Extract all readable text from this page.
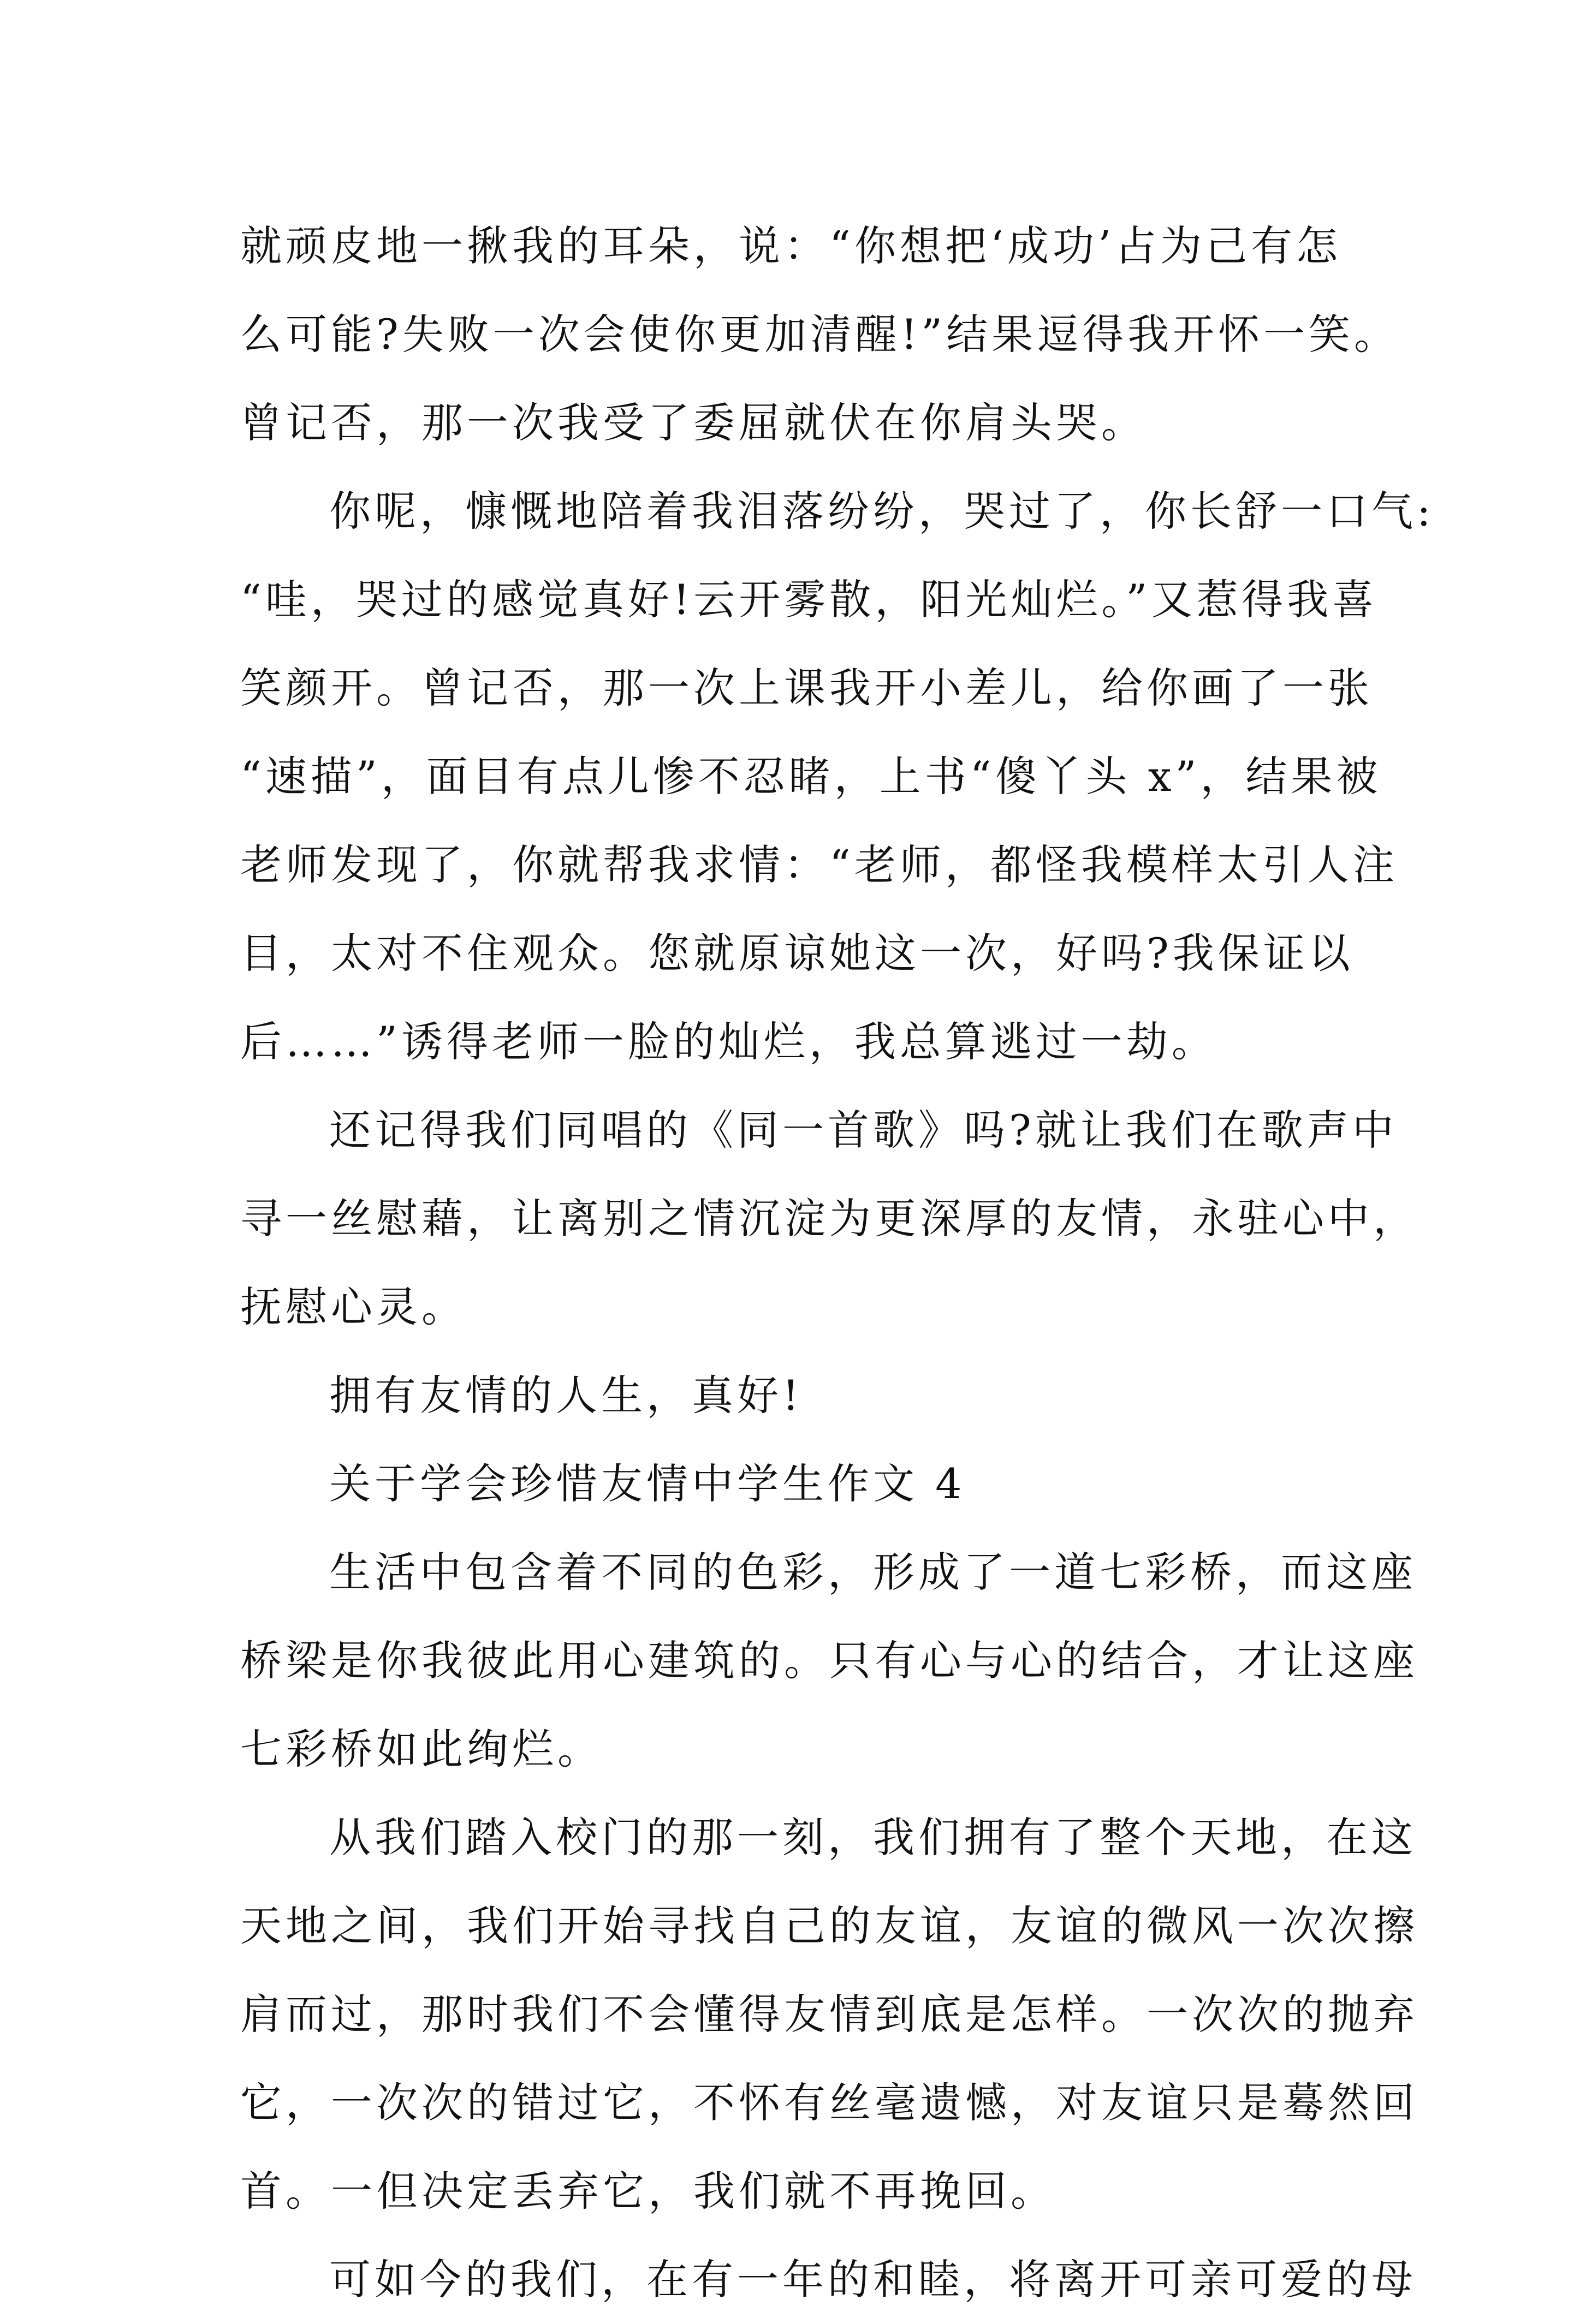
就顽皮地一揪我的耳朵，说：“你想把‘成功’占为己有怎
么可能?失败一次会使你更加清醒!”结果逗得我开怀一笑。
曾记否，那一次我受了委屈就伏在你肩头哭。
你呢，慷慨地陪着我泪落纷纷，哭过了，你长舒一口气:
“哇，哭过的感觉真好!云开雾散，阳光灿烂。”又惹得我喜
笑颜开。曾记否，那一次上课我开小差儿，给你画了一张
“速描”，面目有点儿惨不忍睹，上书“傻丫头 x”，结果被
老师发现了，你就帮我求情：“老师，都怪我模样太引人注
目，太对不住观众。您就原谅她这一次，好吗?我保证以
后……”诱得老师一脸的灿烂，我总算逃过一劫。
还记得我们同唱的《同一首歌》吗?就让我们在歌声中
寻一丝慰藉，让离别之情沉淀为更深厚的友情，永驻心中，
抚慰心灵。
拥有友情的人生，真好!
关于学会珍惜友情中学生作文 4
生活中包含着不同的色彩，形成了一道七彩桥，而这座
桥梁是你我彼此用心建筑的。只有心与心的结合，才让这座
七彩桥如此绚烂。
从我们踏入校门的那一刻，我们拥有了整个天地，在这
天地之间，我们开始寻找自己的友谊，友谊的微风一次次擦
肩而过，那时我们不会懂得友情到底是怎样。一次次的抛弃
它，一次次的错过它，不怀有丝毫遗憾，对友谊只是蓦然回
首。一但决定丢弃它，我们就不再挽回。
可如今的我们，在有一年的和睦，将离开可亲可爱的母
